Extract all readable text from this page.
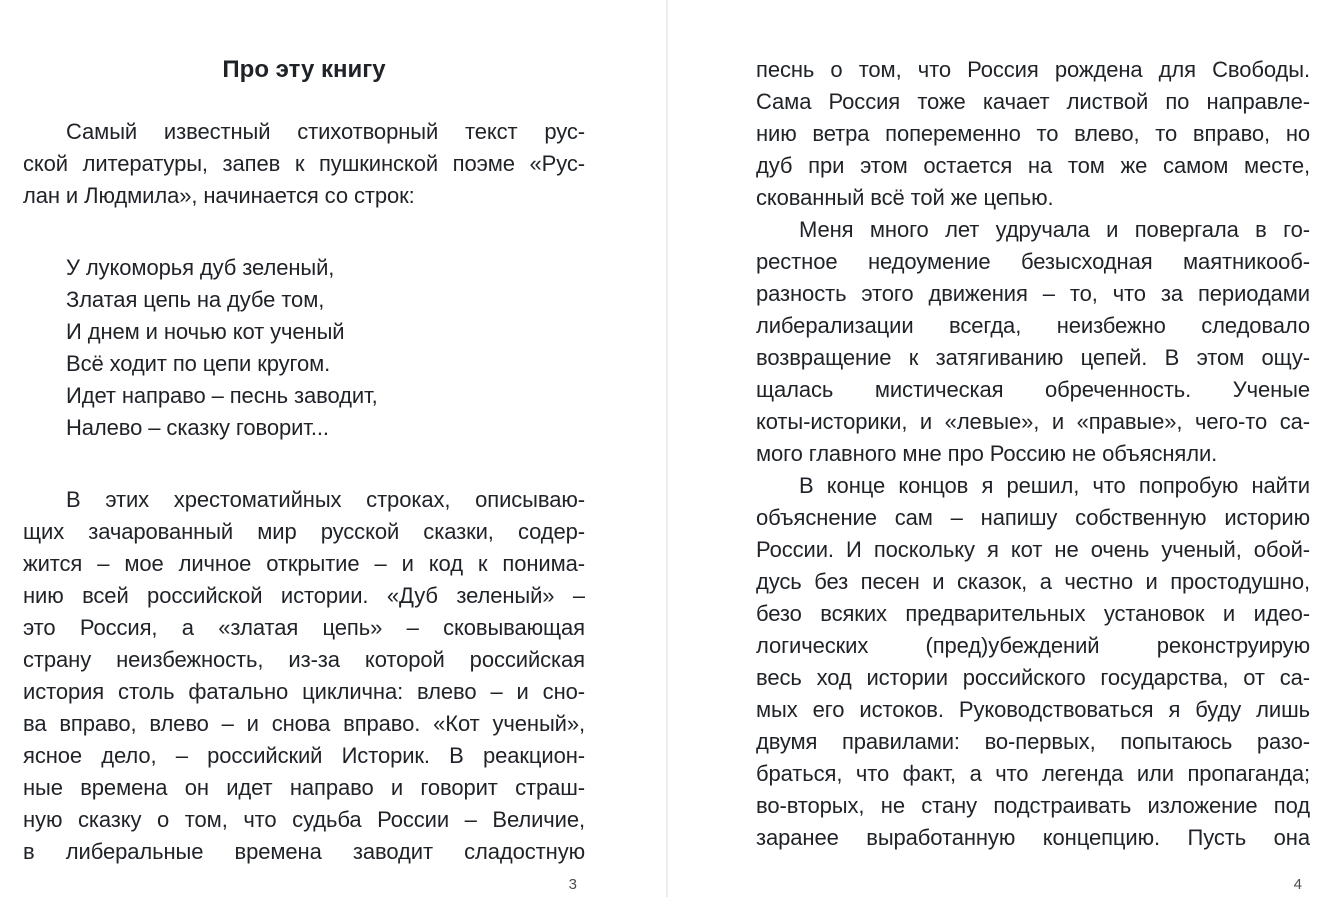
Про эту книгу
Самый известный стихотворный текст рус-
ской литературы, запев к пушкинской поэме «Рус-
лан и Людмила», начинается со строк:
У лукоморья дуб зеленый,
Златая цепь на дубе том,
И днем и ночью кот ученый
Всё ходит по цепи кругом.
Идет направо – песнь заводит,
Налево – сказку говорит...
В этих хрестоматийных строках, описываю-
щих зачарованный мир русской сказки, содер-
жится – мое личное открытие – и код к понима-
нию всей российской истории. «Дуб зеленый» –
это Россия, а «златая цепь» – сковывающая
страну неизбежность, из-за которой российская
история столь фатально циклична: влево – и сно-
ва вправо, влево – и снова вправо. «Кот ученый»,
ясное дело, – российский Историк. В реакцион-
ные времена он идет направо и говорит страш-
ную сказку о том, что судьба России – Величие,
в либеральные времена заводит сладостную
3
песнь о том, что Россия рождена для Свободы.
Сама Россия тоже качает листвой по направле-
нию ветра попеременно то влево, то вправо, но
дуб при этом остается на том же самом месте,
скованный всё той же цепью.
Меня много лет удручала и повергала в го-
рестное недоумение безысходная маятникооб-
разность этого движения – то, что за периодами
либерализации всегда, неизбежно следовало
возвращение к затягиванию цепей. В этом ощу-
щалась мистическая обреченность. Ученые
коты-историки, и «левые», и «правые», чего-то са-
мого главного мне про Россию не объясняли.
В конце концов я решил, что попробую найти
объяснение сам – напишу собственную историю
России. И поскольку я кот не очень ученый, обой-
дусь без песен и сказок, а честно и простодушно,
безо всяких предварительных установок и идео-
логических (пред)убеждений реконструирую
весь ход истории российского государства, от са-
мых его истоков. Руководствоваться я буду лишь
двумя правилами: во-первых, попытаюсь разо-
браться, что факт, а что легенда или пропаганда;
во-вторых, не стану подстраивать изложение под
заранее выработанную концепцию. Пусть она
4
